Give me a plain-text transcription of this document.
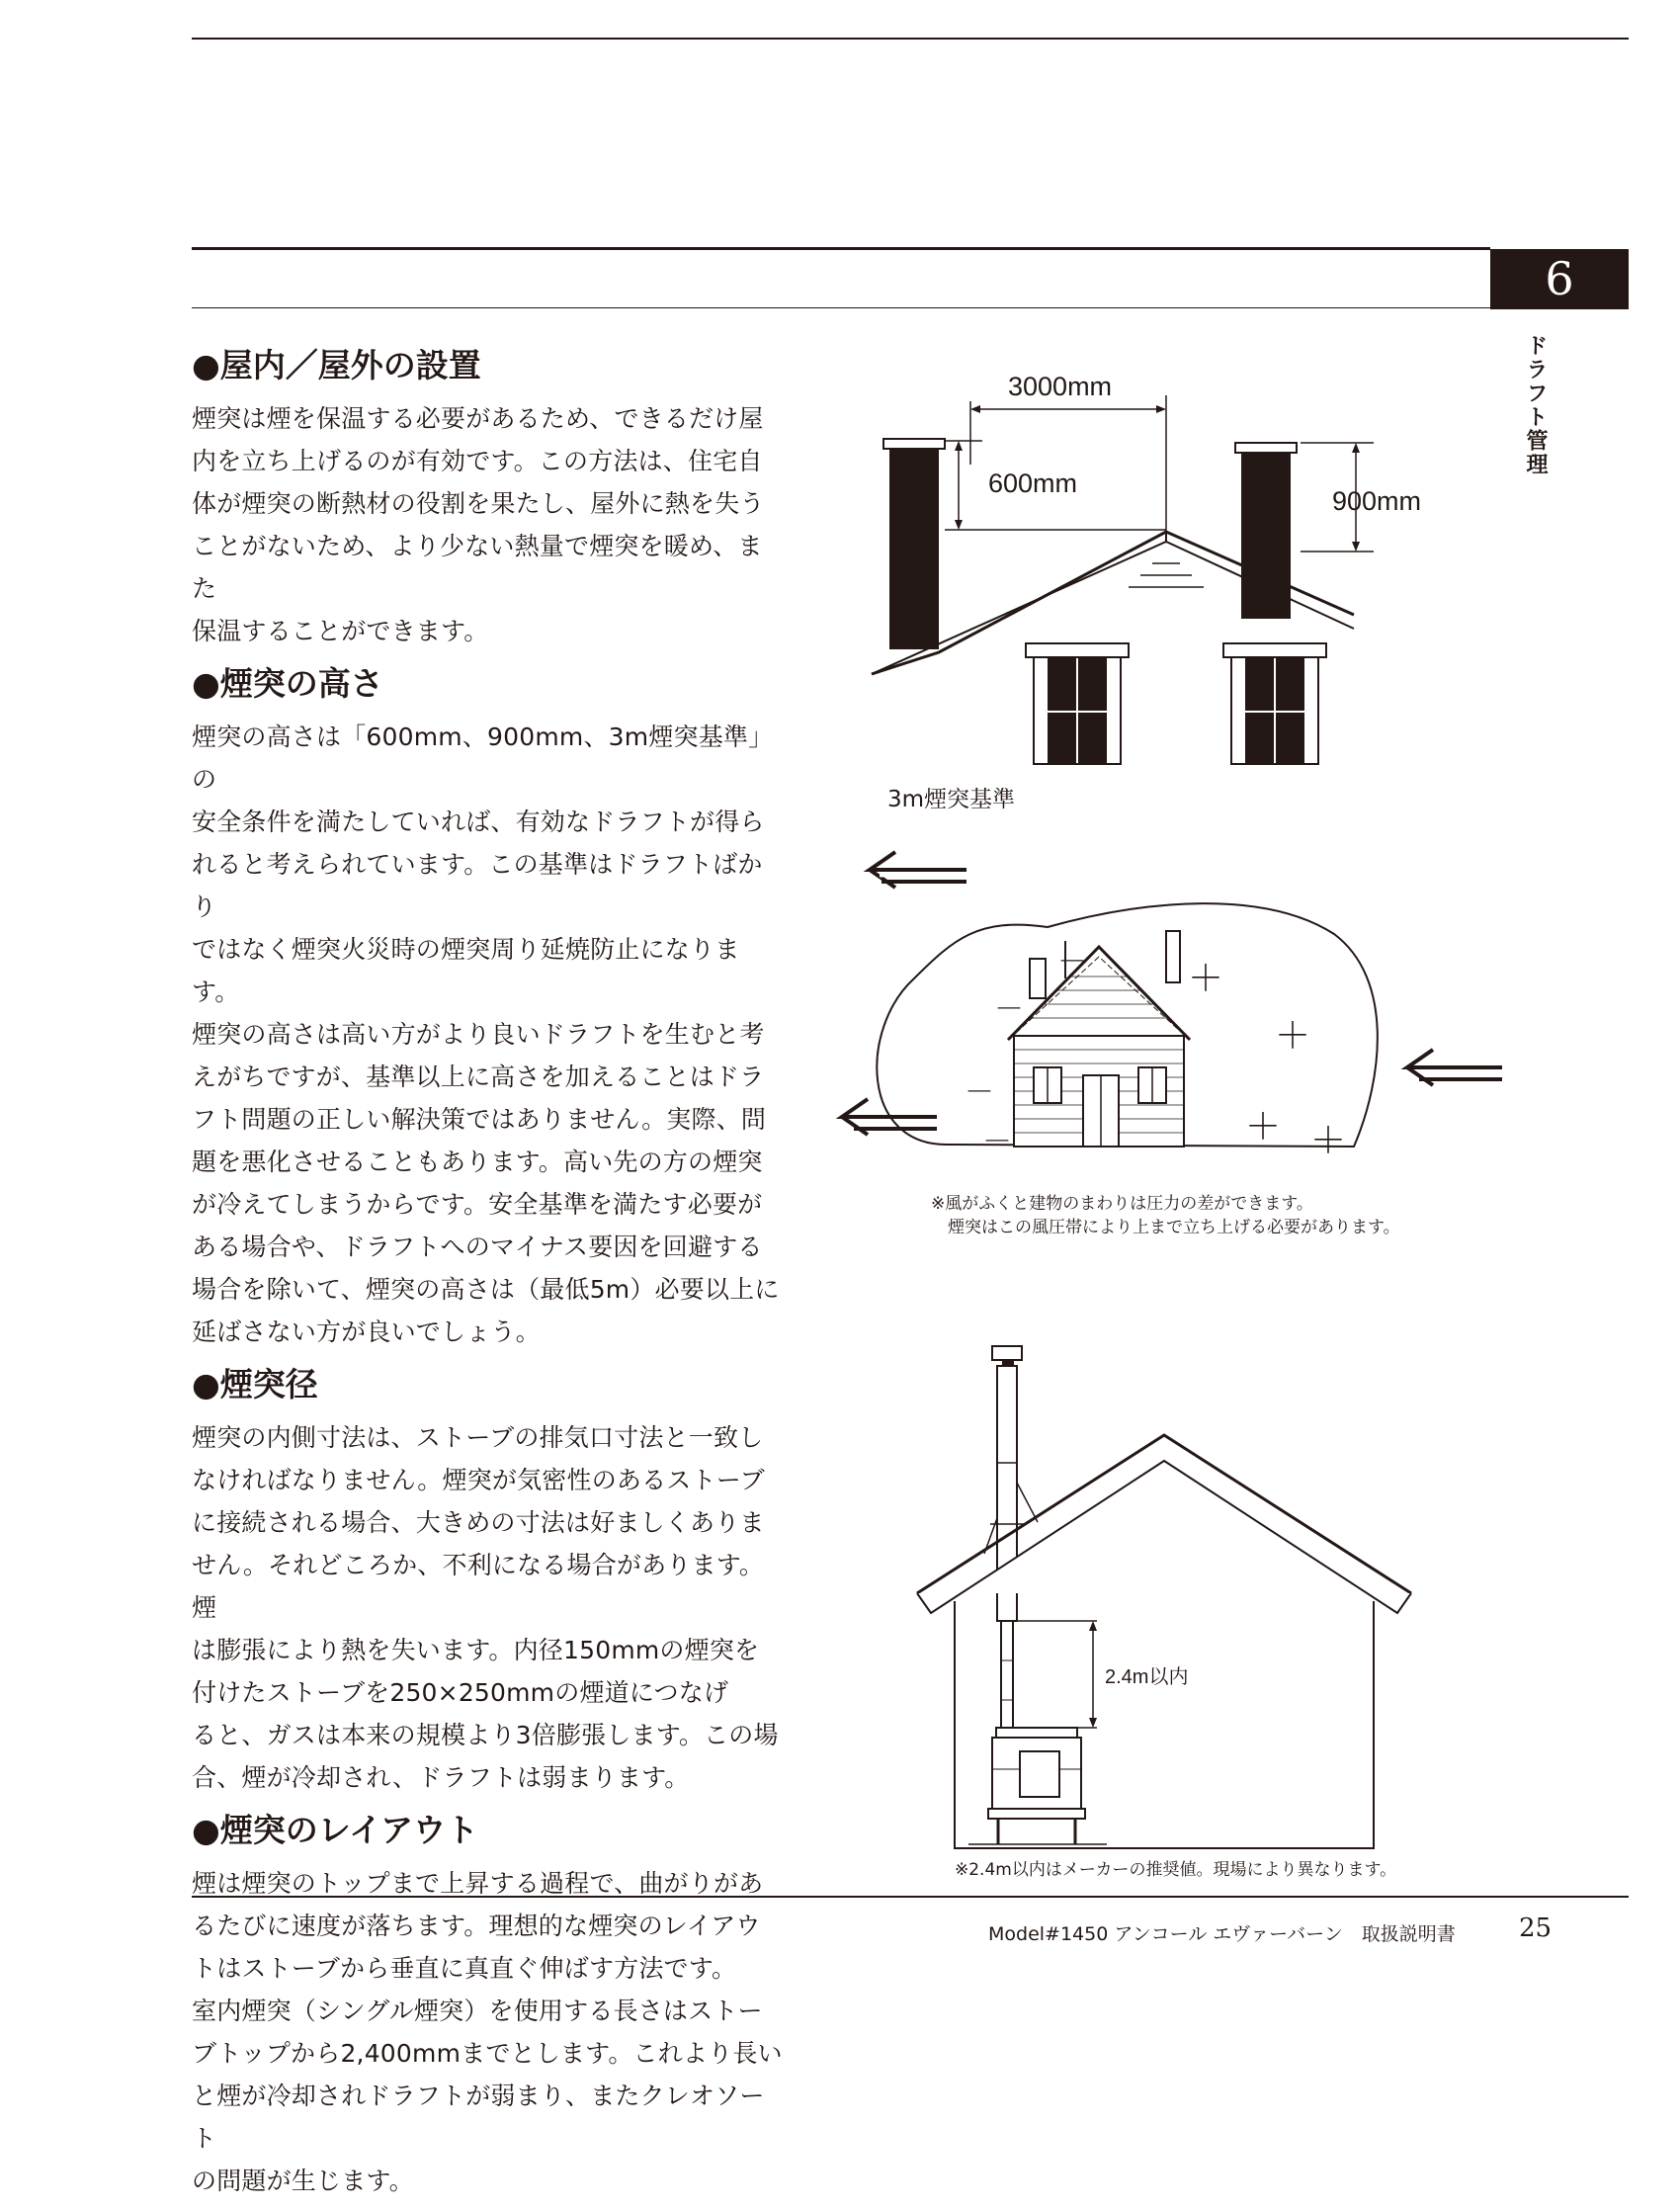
6
ドラフト管理
●屋内／屋外の設置

煙突は煙を保温する必要があるため、できるだけ屋
内を立ち上げるのが有効です。この方法は、住宅自
体が煙突の断熱材の役割を果たし、屋外に熱を失う
ことがないため、より少ない熱量で煙突を暖め、また
保温することができます。

●煙突の高さ

煙突の高さは「600mm、900mm、3m煙突基準」の
安全条件を満たしていれば、有効なドラフトが得ら
れると考えられています。この基準はドラフトばかり
ではなく煙突火災時の煙突周り延焼防止になります。
煙突の高さは高い方がより良いドラフトを生むと考
えがちですが、基準以上に高さを加えることはドラ
フト問題の正しい解決策ではありません。実際、問
題を悪化させることもあります。高い先の方の煙突
が冷えてしまうからです。安全基準を満たす必要が
ある場合や、ドラフトへのマイナス要因を回避する
場合を除いて、煙突の高さは（最低5m）必要以上に
延ばさない方が良いでしょう。

●煙突径

煙突の内側寸法は、ストーブの排気口寸法と一致し
なければなりません。煙突が気密性のあるストーブ
に接続される場合、大きめの寸法は好ましくありま
せん。それどころか、不利になる場合があります。煙
は膨張により熱を失います。内径150mmの煙突を
付けたストーブを250×250mmの煙道につなげ
ると、ガスは本来の規模より3倍膨張します。この場
合、煙が冷却され、ドラフトは弱まります。

●煙突のレイアウト

煙は煙突のトップまで上昇する過程で、曲がりがあ
るたびに速度が落ちます。理想的な煙突のレイアウ
トはストーブから垂直に真直ぐ伸ばす方法です。
室内煙突（シングル煙突）を使用する長さはストー
ブトップから2,400mmまでとします。これより長い
と煙が冷却されドラフトが弱まり、またクレオソート
の問題が生じます。

3000mm
600mm
900mm
3m煙突基準
－
－
－
－
＋
＋
＋ ＋
※風がふくと建物のまわりは圧力の差ができます。
　煙突はこの風圧帯により上まで立ち上げる必要があります。
2.4m以内
※2.4m以内はメーカーの推奨値。現場により異なります。
Model#1450 アンコール エヴァーバーン　取扱説明書 25
